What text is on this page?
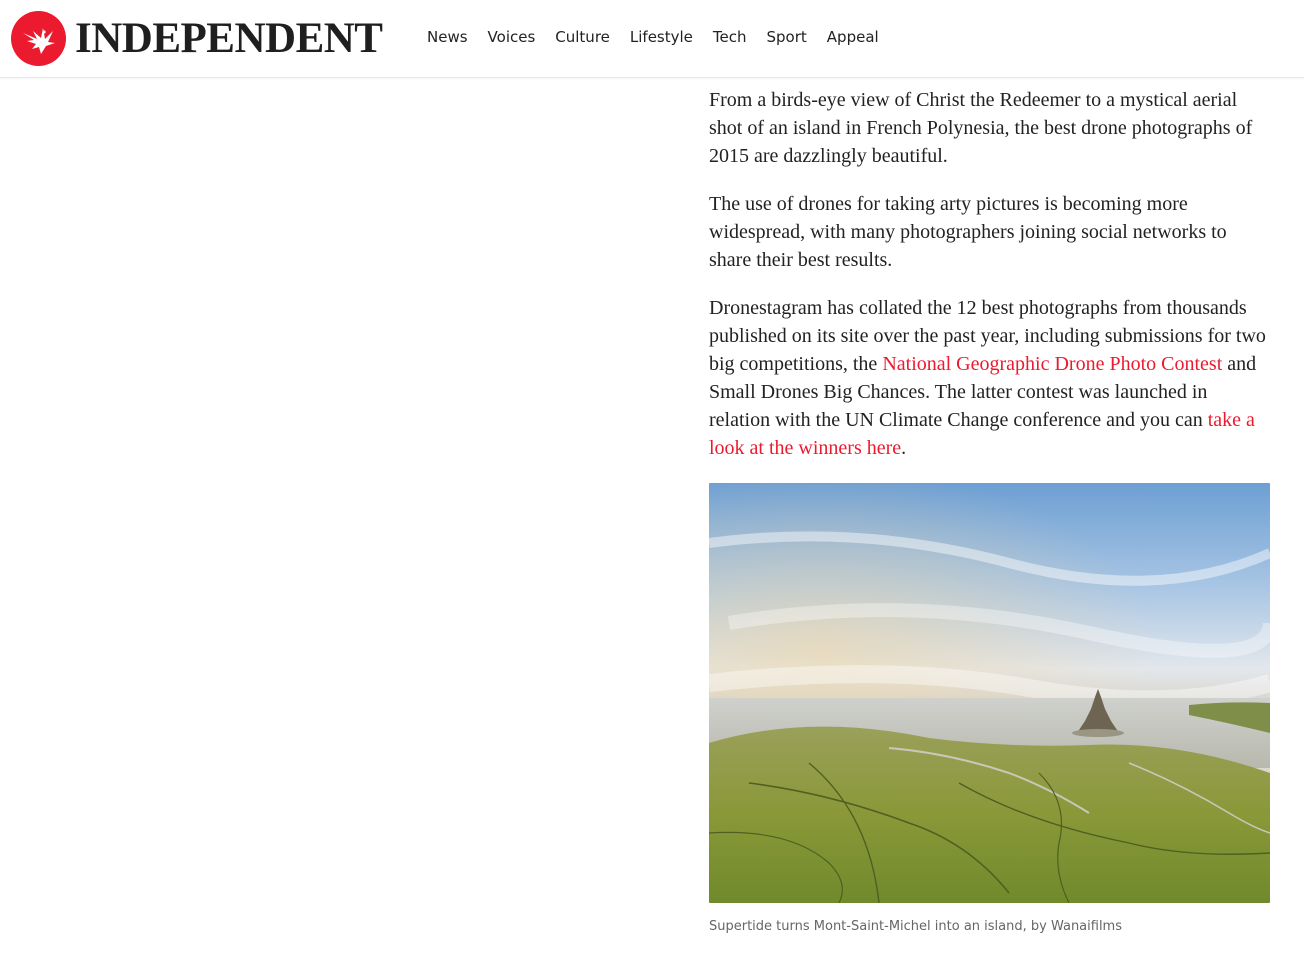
INDEPENDENT	News Voices Culture Lifestyle Tech Sport Appeal

From a birds-eye view of Christ the Redeemer to a mystical aerial shot of an island in French Polynesia, the best drone photographs of 2015 are dazzlingly beautiful.

The use of drones for taking arty pictures is becoming more widespread, with many photographers joining social networks to share their best results.

Dronestagram has collated the 12 best photographs from thousands published on its site over the past year, including submissions for two big competitions, the National Geographic Drone Photo Contest and Small Drones Big Chances. The latter contest was launched in relation with the UN Climate Change conference and you can take a look at the winners here.

Supertide turns Mont-Saint-Michel into an island, by Wanaifilms
